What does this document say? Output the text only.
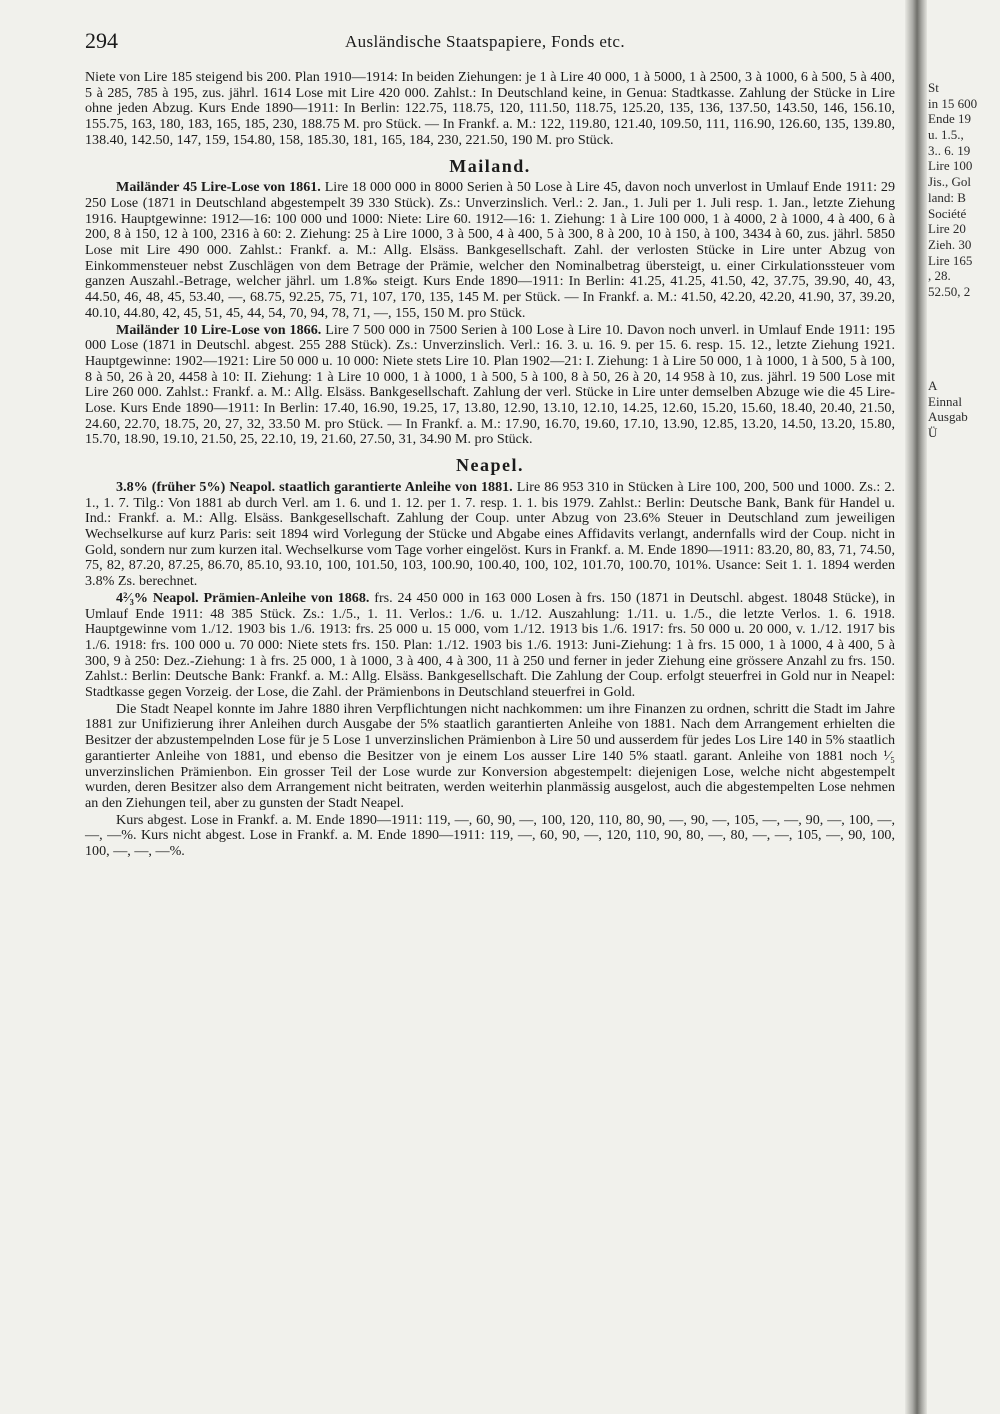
294	Ausländische Staatspapiere, Fonds etc.

Niete von Lire 185 steigend bis 200. Plan 1910—1914: In beiden Ziehungen: je 1 à Lire 40 000, 1 à 5000, 1 à 2500, 3 à 1000, 6 à 500, 5 à 400, 5 à 285, 785 à 195, zus. jährl. 1614 Lose mit Lire 420 000. Zahlst.: In Deutschland keine, in Genua: Stadtkasse. Zahlung der Stücke in Lire ohne jeden Abzug. Kurs Ende 1890—1911: In Berlin: 122.75, 118.75, 120, 111.50, 118.75, 125.20, 135, 136, 137.50, 143.50, 146, 156.10, 155.75, 163, 180, 183, 165, 185, 230, 188.75 M. pro Stück. — In Frankf. a. M.: 122, 119.80, 121.40, 109.50, 111, 116.90, 126.60, 135, 139.80, 138.40, 142.50, 147, 159, 154.80, 158, 185.30, 181, 165, 184, 230, 221.50, 190 M. pro Stück.

Mailand.

Mailänder 45 Lire-Lose von 1861. Lire 18 000 000 in 8000 Serien à 50 Lose à Lire 45, davon noch unverlost in Umlauf Ende 1911: 29 250 Lose (1871 in Deutschland abgestempelt 39 330 Stück). Zs.: Unverzinslich. Verl.: 2. Jan., 1. Juli per 1. Juli resp. 1. Jan., letzte Ziehung 1916. Hauptgewinne: 1912—16: 100 000 und 1000: Niete: Lire 60. 1912—16: 1. Ziehung: 1 à Lire 100 000, 1 à 4000, 2 à 1000, 4 à 400, 6 à 200, 8 à 150, 12 à 100, 2316 à 60: 2. Ziehung: 25 à Lire 1000, 3 à 500, 4 à 400, 5 à 300, 8 à 200, 10 à 150, à 100, 3434 à 60, zus. jährl. 5850 Lose mit Lire 490 000. Zahlst.: Frankf. a. M.: Allg. Elsäss. Bankgesellschaft. Zahl. der verlosten Stücke in Lire unter Abzug von Einkommensteuer nebst Zuschlägen von dem Betrage der Prämie, welcher den Nominalbetrag übersteigt, u. einer Cirkulationssteuer vom ganzen Auszahl.-Betrage, welcher jährl. um 1.8‰ steigt. Kurs Ende 1890—1911: In Berlin: 41.25, 41.25, 41.50, 42, 37.75, 39.90, 40, 43, 44.50, 46, 48, 45, 53.40, —, 68.75, 92.25, 75, 71, 107, 170, 135, 145 M. per Stück. — In Frankf. a. M.: 41.50, 42.20, 42.20, 41.90, 37, 39.20, 40.10, 44.80, 42, 45, 51, 45, 44, 54, 70, 94, 78, 71, —, 155, 150 M. pro Stück.

Mailänder 10 Lire-Lose von 1866. Lire 7 500 000 in 7500 Serien à 100 Lose à Lire 10. Davon noch unverl. in Umlauf Ende 1911: 195 000 Lose (1871 in Deutschl. abgest. 255 288 Stück). Zs.: Unverzinslich. Verl.: 16. 3. u. 16. 9. per 15. 6. resp. 15. 12., letzte Ziehung 1921. Hauptgewinne: 1902—1921: Lire 50 000 u. 10 000: Niete stets Lire 10. Plan 1902—21: I. Ziehung: 1 à Lire 50 000, 1 à 1000, 1 à 500, 5 à 100, 8 à 50, 26 à 20, 4458 à 10: II. Ziehung: 1 à Lire 10 000, 1 à 1000, 1 à 500, 5 à 100, 8 à 50, 26 à 20, 14 958 à 10, zus. jährl. 19 500 Lose mit Lire 260 000. Zahlst.: Frankf. a. M.: Allg. Elsäss. Bankgesellschaft. Zahlung der verl. Stücke in Lire unter demselben Abzuge wie die 45 Lire-Lose. Kurs Ende 1890—1911: In Berlin: 17.40, 16.90, 19.25, 17, 13.80, 12.90, 13.10, 12.10, 14.25, 12.60, 15.20, 15.60, 18.40, 20.40, 21.50, 24.60, 22.70, 18.75, 20, 27, 32, 33.50 M. pro Stück. — In Frankf. a. M.: 17.90, 16.70, 19.60, 17.10, 13.90, 12.85, 13.20, 14.50, 13.20, 15.80, 15.70, 18.90, 19.10, 21.50, 25, 22.10, 19, 21.60, 27.50, 31, 34.90 M. pro Stück.

Neapel.

3.8% (früher 5%) Neapol. staatlich garantierte Anleihe von 1881. Lire 86 953 310 in Stücken à Lire 100, 200, 500 und 1000. Zs.: 2. 1., 1. 7. Tilg.: Von 1881 ab durch Verl. am 1. 6. und 1. 12. per 1. 7. resp. 1. 1. bis 1979. Zahlst.: Berlin: Deutsche Bank, Bank für Handel u. Ind.: Frankf. a. M.: Allg. Elsäss. Bankgesellschaft. Zahlung der Coup. unter Abzug von 23.6% Steuer in Deutschland zum jeweiligen Wechselkurse auf kurz Paris: seit 1894 wird Vorlegung der Stücke und Abgabe eines Affidavits verlangt, andernfalls wird der Coup. nicht in Gold, sondern nur zum kurzen ital. Wechselkurse vom Tage vorher eingelöst. Kurs in Frankf. a. M. Ende 1890—1911: 83.20, 80, 83, 71, 74.50, 75, 82, 87.20, 87.25, 86.70, 85.10, 93.10, 100, 101.50, 103, 100.90, 100.40, 100, 102, 101.70, 100.70, 101%. Usance: Seit 1. 1. 1894 werden 3.8% Zs. berechnet.

4²⁄₃% Neapol. Prämien-Anleihe von 1868. frs. 24 450 000 in 163 000 Losen à frs. 150 (1871 in Deutschl. abgest. 18048 Stücke), in Umlauf Ende 1911: 48 385 Stück. Zs.: 1./5., 1. 11. Verlos.: 1./6. u. 1./12. Auszahlung: 1./11. u. 1./5., die letzte Verlos. 1. 6. 1918. Hauptgewinne vom 1./12. 1903 bis 1./6. 1913: frs. 25 000 u. 15 000, vom 1./12. 1913 bis 1./6. 1917: frs. 50 000 u. 20 000, v. 1./12. 1917 bis 1./6. 1918: frs. 100 000 u. 70 000: Niete stets frs. 150. Plan: 1./12. 1903 bis 1./6. 1913: Juni-Ziehung: 1 à frs. 15 000, 1 à 1000, 4 à 400, 5 à 300, 9 à 250: Dez.-Ziehung: 1 à frs. 25 000, 1 à 1000, 3 à 400, 4 à 300, 11 à 250 und ferner in jeder Ziehung eine grössere Anzahl zu frs. 150. Zahlst.: Berlin: Deutsche Bank: Frankf. a. M.: Allg. Elsäss. Bankgesellschaft. Die Zahlung der Coup. erfolgt steuerfrei in Gold nur in Neapel: Stadtkasse gegen Vorzeig. der Lose, die Zahl. der Prämienbons in Deutschland steuerfrei in Gold.

Die Stadt Neapel konnte im Jahre 1880 ihren Verpflichtungen nicht nachkommen: um ihre Finanzen zu ordnen, schritt die Stadt im Jahre 1881 zur Unifizierung ihrer Anleihen durch Ausgabe der 5% staatlich garantierten Anleihe von 1881. Nach dem Arrangement erhielten die Besitzer der abzustempelnden Lose für je 5 Lose 1 unverzinslichen Prämienbon à Lire 50 und ausserdem für jedes Los Lire 140 in 5% staatlich garantierter Anleihe von 1881, und ebenso die Besitzer von je einem Los ausser Lire 140 5% staatl. garant. Anleihe von 1881 noch ¹⁄₅ unverzinslichen Prämienbon. Ein grosser Teil der Lose wurde zur Konversion abgestempelt: diejenigen Lose, welche nicht abgestempelt wurden, deren Besitzer also dem Arrangement nicht beitraten, werden weiterhin planmässig ausgelost, auch die abgestempelten Lose nehmen an den Ziehungen teil, aber zu gunsten der Stadt Neapel.

Kurs abgest. Lose in Frankf. a. M. Ende 1890—1911: 119, —, 60, 90, —, 100, 120, 110, 80, 90, —, 90, —, 105, —, —, 90, —, 100, —, —, —%. Kurs nicht abgest. Lose in Frankf. a. M. Ende 1890—1911: 119, —, 60, 90, —, 120, 110, 90, 80, —, 80, —, —, 105, —, 90, 100, 100, —, —, —%.

St
in 15 600
Ende 19
u. 1.5.,
3.. 6. 19
Lire 100
Jis., Gol
land: B
Société
Lire 20
Zieh. 30
Lire 165
, 28.
52.50, 2
A
Einnal
Ausgab
Ü
